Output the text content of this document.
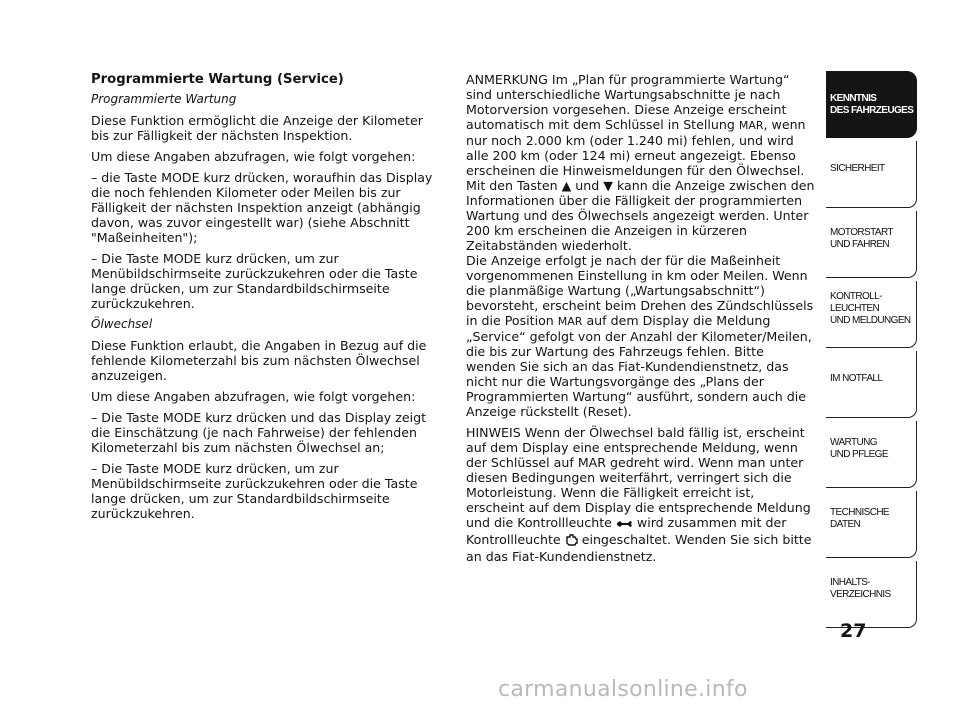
Programmierte Wartung (Service)

Programmierte Wartung

Diese Funktion ermöglicht die Anzeige der Kilometer bis zur Fälligkeit der nächsten Inspektion.

Um diese Angaben abzufragen, wie folgt vorgehen:

– die Taste MODE kurz drücken, woraufhin das Display die noch fehlenden Kilometer oder Meilen bis zur Fälligkeit der nächsten Inspektion anzeigt (abhängig davon, was zuvor eingestellt war) (siehe Abschnitt "Maßeinheiten");

– Die Taste MODE kurz drücken, um zur Menübildschirmseite zurückzukehren oder die Taste lange drücken, um zur Standardbildschirmseite zurückzukehren.

Ölwechsel

Diese Funktion erlaubt, die Angaben in Bezug auf die fehlende Kilometerzahl bis zum nächsten Ölwechsel anzuzeigen.

Um diese Angaben abzufragen, wie folgt vorgehen:

– Die Taste MODE kurz drücken und das Display zeigt die Einschätzung (je nach Fahrweise) der fehlenden Kilometerzahl bis zum nächsten Ölwechsel an;

– Die Taste MODE kurz drücken, um zur Menübildschirmseite zurückzukehren oder die Taste lange drücken, um zur Standardbildschirmseite zurückzukehren.

ANMERKUNG Im „Plan für programmierte Wartung“ sind unterschiedliche Wartungsabschnitte je nach Motorversion vorgesehen. Diese Anzeige erscheint automatisch mit dem Schlüssel in Stellung MAR, wenn nur noch 2.000 km (oder 1.240 mi) fehlen, und wird alle 200 km (oder 124 mi) erneut angezeigt. Ebenso erscheinen die Hinweismeldungen für den Ölwechsel. Mit den Tasten ▲ und ▼ kann die Anzeige zwischen den Informationen über die Fälligkeit der programmierten Wartung und des Ölwechsels angezeigt werden. Unter 200 km erscheinen die Anzeigen in kürzeren Zeitabständen wiederholt.
Die Anzeige erfolgt je nach der für die Maßeinheit vorgenommenen Einstellung in km oder Meilen. Wenn die planmäßige Wartung („Wartungsabschnitt“) bevorsteht, erscheint beim Drehen des Zündschlüssels in die Position MAR auf dem Display die Meldung „Service“ gefolgt von der Anzahl der Kilometer/Meilen, die bis zur Wartung des Fahrzeugs fehlen. Bitte wenden Sie sich an das Fiat-Kundendienstnetz, das nicht nur die Wartungsvorgänge des „Plans der Programmierten Wartung“ ausführt, sondern auch die Anzeige rückstellt (Reset).

HINWEIS Wenn der Ölwechsel bald fällig ist, erscheint auf dem Display eine entsprechende Meldung, wenn der Schlüssel auf MAR gedreht wird. Wenn man unter diesen Bedingungen weiterfährt, verringert sich die Motorleistung. Wenn die Fälligkeit erreicht ist, erscheint auf dem Display die entsprechende Meldung und die Kontrollleuchte  wird zusammen mit der Kontrollleuchte  eingeschaltet. Wenden Sie sich bitte an das Fiat-Kundendienstnetz.

KENNTNIS
DES FAHRZEUGES
SICHERHEIT
MOTORSTART
UND FAHREN
KONTROLL-
LEUCHTEN
UND MELDUNGEN
IM NOTFALL
WARTUNG
UND PFLEGE
TECHNISCHE
DATEN
INHALTS-
VERZEICHNIS
27
carmanualsonline.info
